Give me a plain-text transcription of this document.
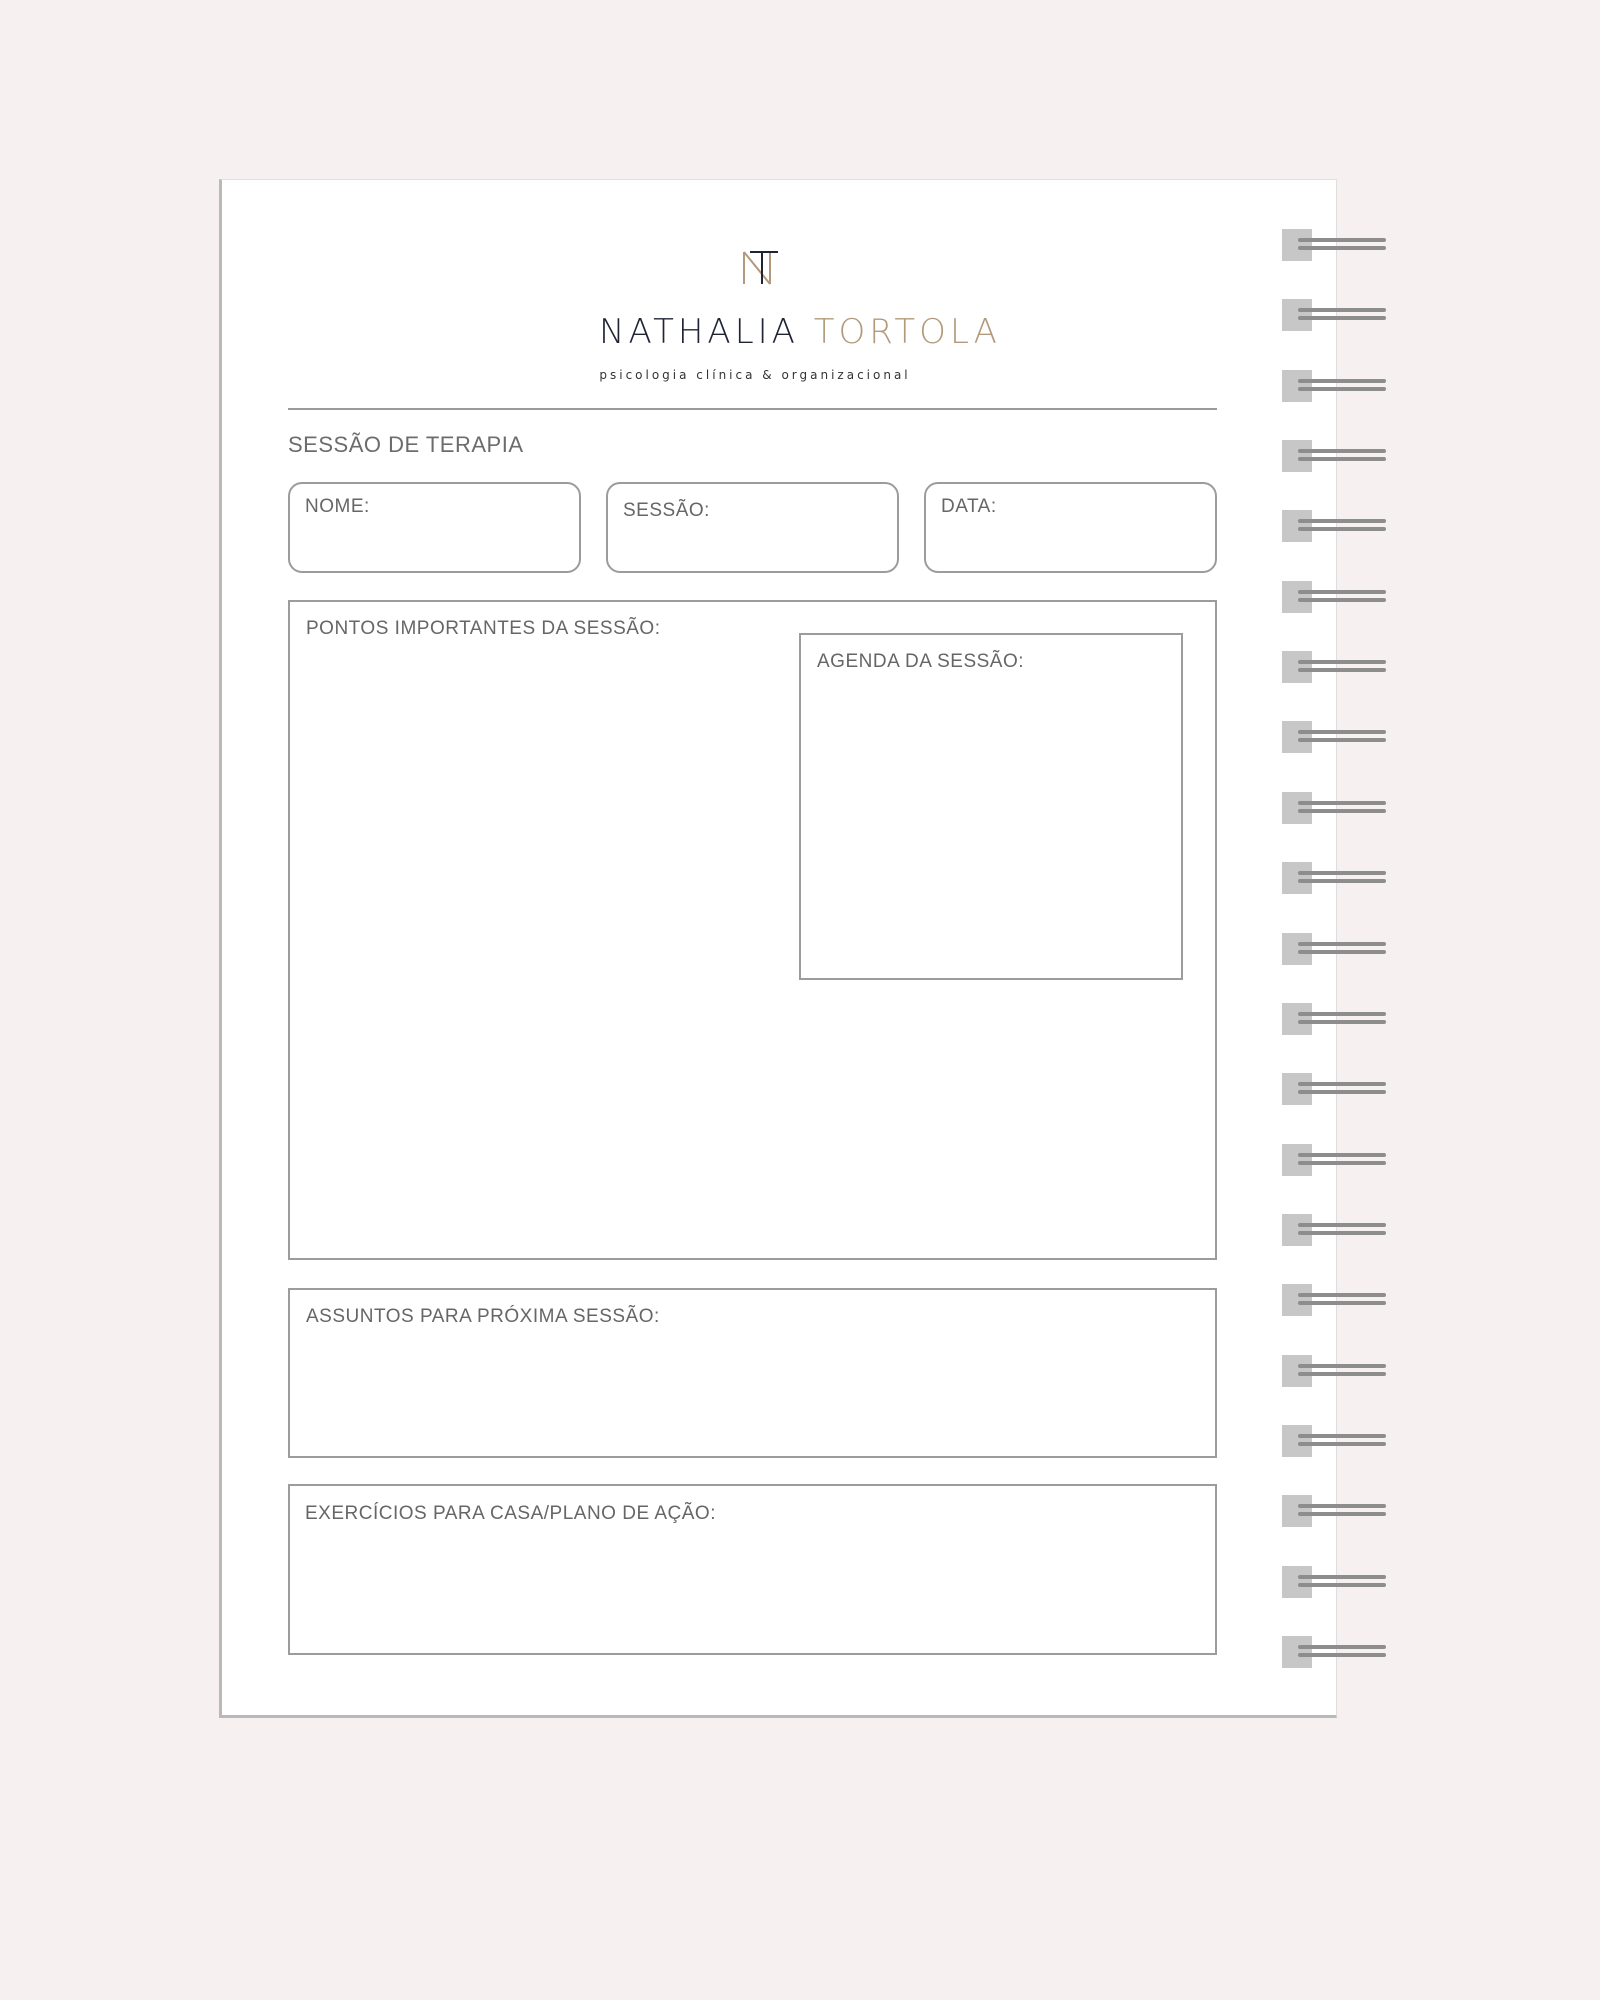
NATHALIA TORTOLA
psicologia clínica & organizacional
SESSÃO DE TERAPIA
NOME:	SESSÃO:	DATA:
PONTOS IMPORTANTES DA SESSÃO:
AGENDA DA SESSÃO:
ASSUNTOS PARA PRÓXIMA SESSÃO:
EXERCÍCIOS PARA CASA/PLANO DE AÇÃO:
